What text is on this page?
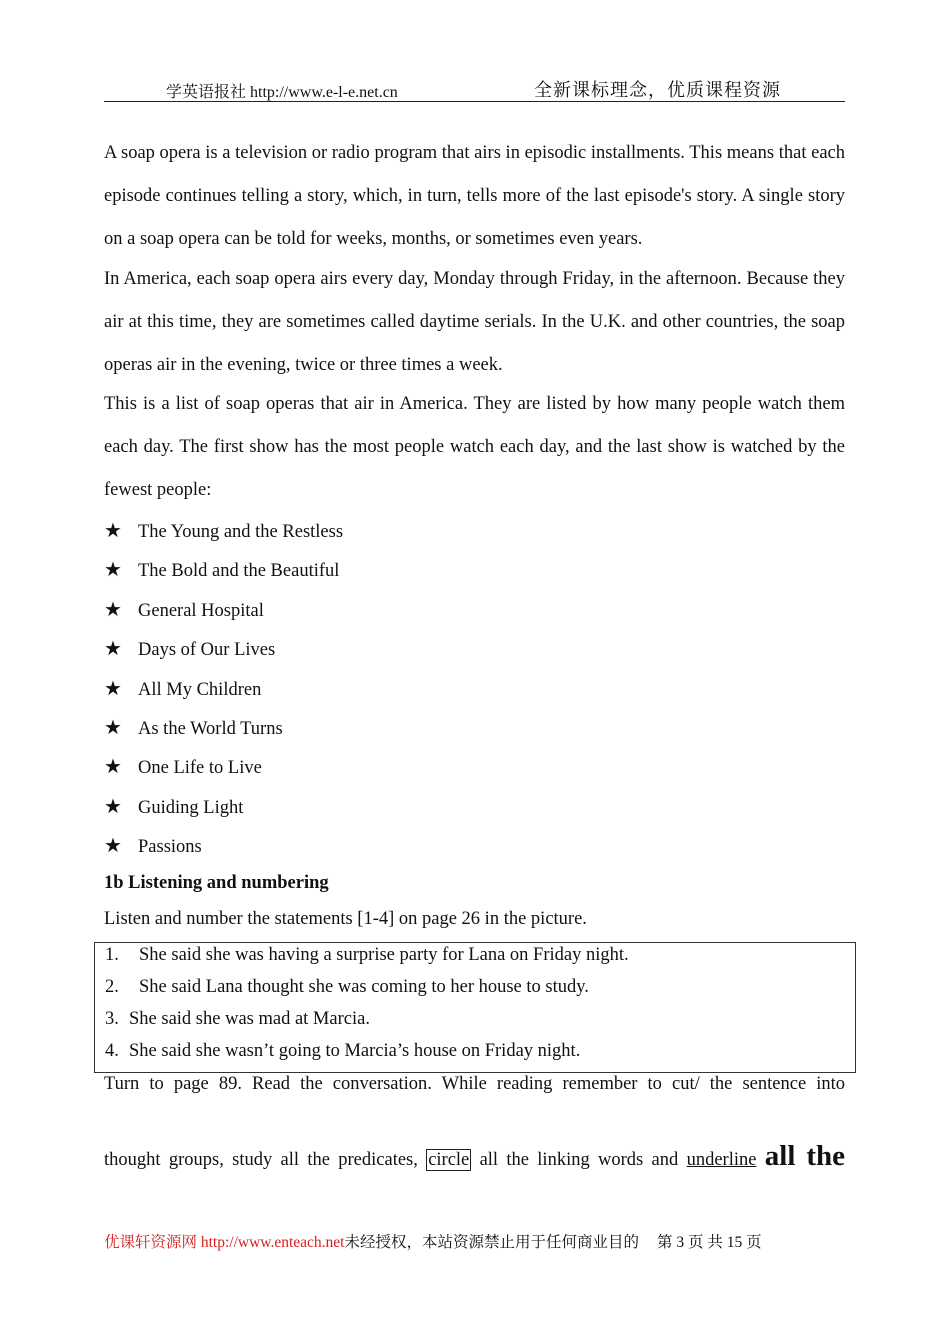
学英语报社 http://www.e-l-e.net.cn	全新课标理念，优质课程资源
A soap opera is a television or radio program that airs in episodic installments. This means that each episode continues telling a story, which, in turn, tells more of the last episode's story. A single story on a soap opera can be told for weeks, months, or sometimes even years.
In America, each soap opera airs every day, Monday through Friday, in the afternoon. Because they air at this time, they are sometimes called daytime serials. In the U.K. and other countries, the soap operas air in the evening, twice or three times a week.
This is a list of soap operas that air in America. They are listed by how many people watch them each day. The first show has the most people watch each day, and the last show is watched by the fewest people:
★ The Young and the Restless
★ The Bold and the Beautiful
★ General Hospital
★ Days of Our Lives
★ All My Children
★ As the World Turns
★ One Life to Live
★ Guiding Light
★ Passions
1b Listening and numbering
Listen and number the statements [1-4] on page 26 in the picture.
1. She said she was having a surprise party for Lana on Friday night.
2. She said Lana thought she was coming to her house to study.
3. She said she was mad at Marcia.
4. She said she wasn’t going to Marcia’s house on Friday night.
Turn to page 89. Read the conversation. While reading remember to cut/ the sentence into
thought groups, study all the predicates, circle all the linking words and underline all the
优课轩资源网 http://www.enteach.net未经授权，本站资源禁止用于任何商业目的 第 3 页 共 15 页
